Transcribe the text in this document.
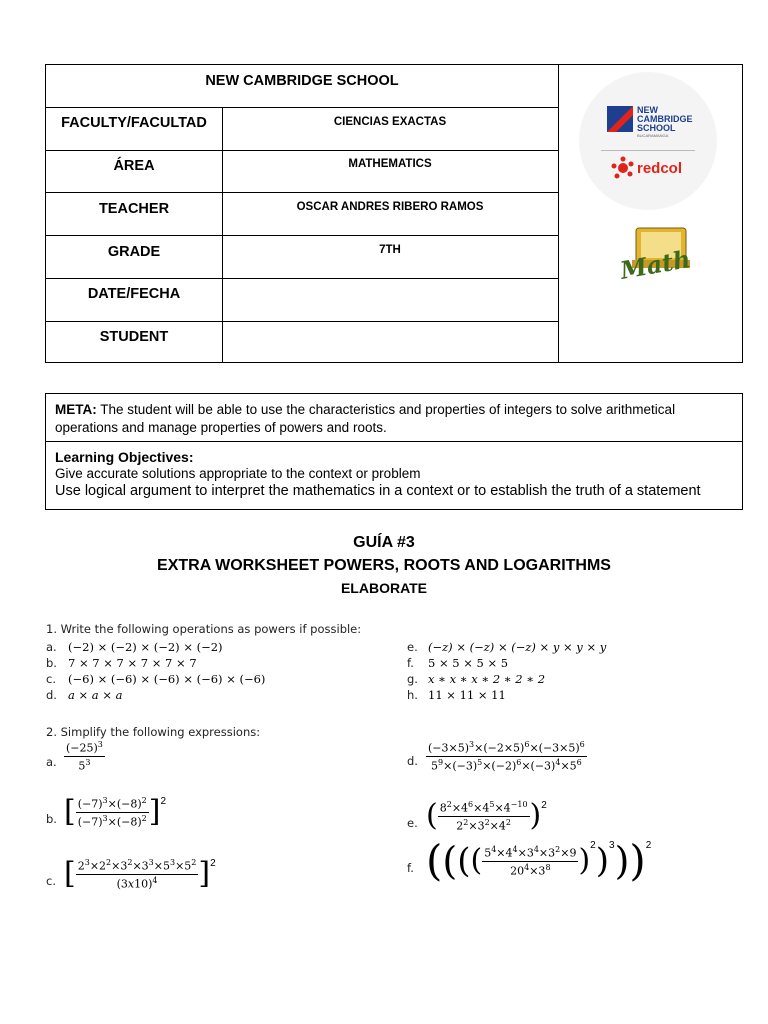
NEW CAMBRIDGE SCHOOL
FACULTY/FACULTAD	CIENCIAS EXACTAS
ÁREA	MATHEMATICS
TEACHER	OSCAR ANDRES RIBERO RAMOS
GRADE	7TH
DATE/FECHA
STUDENT
NEW
CAMBRIDGE
SCHOOL
BUCARAMANGA
redcol
Math
META: The student will be able to use the characteristics and properties of integers to solve arithmetical operations and manage properties of powers and roots.
Learning Objectives:
Give accurate solutions appropriate to the context or problem
Use logical argument to interpret the mathematics in a context or to establish the truth of a statement
GUÍA #3
EXTRA WORKSHEET POWERS, ROOTS AND LOGARITHMS
ELABORATE
1. Write the following operations as powers if possible:
a. (−2) × (−2) × (−2) × (−2)
b. 7 × 7 × 7 × 7 × 7 × 7
c. (−6) × (−6) × (−6) × (−6) × (−6)
d. a × a × a
e. (−z) × (−z) × (−z) × y × y × y
f. 5 × 5 × 5 × 5
g. x ∗ x ∗ x ∗ 2 ∗ 2 ∗ 2
h. 11 × 11 × 11
2. Simplify the following expressions:
a. $\frac{(-25)^3}{5^3}$
b. [ $\frac{(-7)^3\times(-8)^2}{(-7)^3\times(-8)^2} ]^2$
c. [ $\frac{2^3\times 2^2\times 3^2\times 3^3\times 5^3\times 5^2}{(3x10)^4} ]^2$
d. $\frac{(-3\times 5)^3\times(-2\times 5)^6\times(-3\times 5)^6}{5^9\times(-3)^5\times(-2)^6\times(-3)^4\times 5^6}$
e. ( $\frac{8^2\times 4^6\times 4^5\times 4^{-10}}{2^2\times 3^2\times 4^2} )^2$
f. (((( $\frac{5^4\times 4^4\times 3^4\times 3^2\times 9}{20^4\times 3^8} )^2)^3))^2$
